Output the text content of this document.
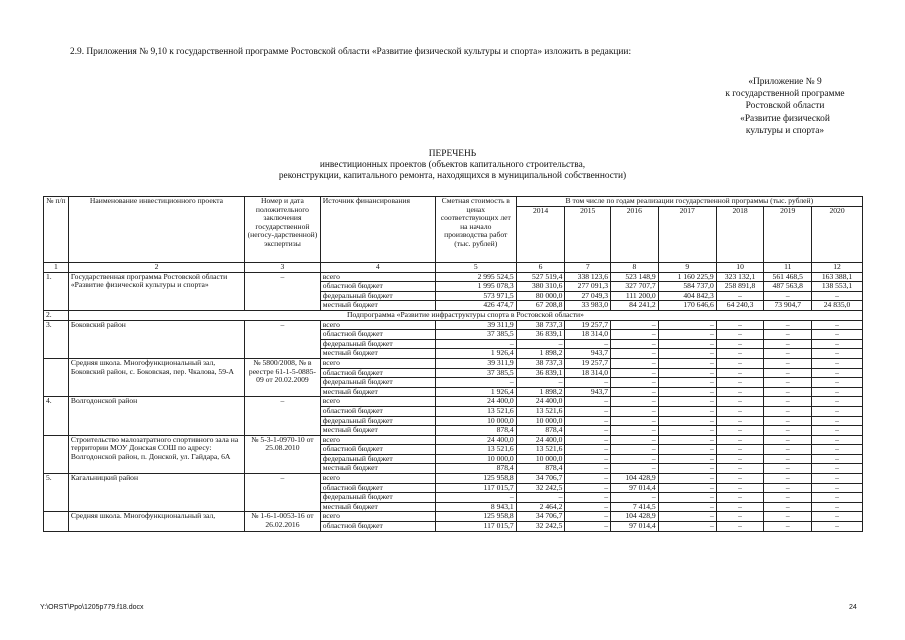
2.9. Приложения № 9,10 к государственной программе Ростовской области «Развитие физической культуры и спорта» изложить в редакции:
«Приложение № 9
к государственной программе
Ростовской области
«Развитие физической
культуры и спорта»
ПЕРЕЧЕНЬ
инвестиционных проектов (объектов капитального строительства,
реконструкции, капитального ремонта, находящихся в муниципальной собственности)
№ п/п	Наименование инвестиционного проекта	Номер и дата положительного заключения государственной (негосу-дарственной) экспертизы	Источник финансирования	Сметная стоимость в ценах соответствующих лет на начало производства работ (тыс. рублей)	В том числе по годам реализации государственной программы (тыс. рублей)						
					2014	2015	2016	2017	2018	2019	2020
1	2	3	4	5	6	7	8	9	10	11	12
1.	Государственная программа Ростовской области «Развитие физической культуры и спорта»	–	всего	2 995 524,5	527 519,4	338 123,6	523 148,9	1 160 225,9	323 132,1	561 468,5	163 388,1
			областной бюджет	1 995 078,3	380 310,6	277 091,3	327 707,7	584 737,0	258 891,8	487 563,8	138 553,1
			федеральный бюджет	573 971,5	80 000,0	27 049,3	111 200,0	404 842,3	–	–	–
			местный бюджет	426 474,7	67 208,8	33 983,0	84 241,2	170 646,6	64 240,3	73 904,7	24 835,0
2.	Подпрограмма «Развитие инфраструктуры спорта в Ростовской области»										
3.	Боковский район	–	всего	39 311,9	38 737,3	19 257,7	–	–	–	–	–
			областной бюджет	37 385,5	36 839,1	18 314,0	–	–	–	–	–
			федеральный бюджет	–	–	–	–	–	–	–	–
			местный бюджет	1 926,4	1 898,2	943,7	–	–	–	–	–
	Средняя школа. Многофункциональный зал, Боковский район, с. Боковская, пер. Чкалова, 59-А	№ 5800/2008, № в реестре 61-1-5-0885-09 от 20.02.2009	всего	39 311,9	38 737,3	19 257,7	–	–	–	–	–
			областной бюджет	37 385,5	36 839,1	18 314,0	–	–	–	–	–
			федеральный бюджет	–	–	–	–	–	–	–	–
			местный бюджет	1 926,4	1 898,2	943,7	–	–	–	–	–
4.	Волгодонской район	–	всего	24 400,0	24 400,0	–	–	–	–	–	–
			областной бюджет	13 521,6	13 521,6	–	–	–	–	–	–
			федеральный бюджет	10 000,0	10 000,0	–	–	–	–	–	–
			местный бюджет	878,4	878,4	–	–	–	–	–	–
	Строительство малозатратного спортивного зала на территории МОУ Донская СОШ по адресу: Волгодонской район, п. Донской, ул. Гайдара, 6А	№ 5-3-1-0970-10 от 25.08.2010	всего	24 400,0	24 400,0	–	–	–	–	–	–
			областной бюджет	13 521,6	13 521,6	–	–	–	–	–	–
			федеральный бюджет	10 000,0	10 000,0	–	–	–	–	–	–
			местный бюджет	878,4	878,4	–	–	–	–	–	–
5.	Кагальницкий район	–	всего	125 958,8	34 706,7	–	104 428,9	–	–	–	–
			областной бюджет	117 015,7	32 242,5	–	97 014,4	–	–	–	–
			федеральный бюджет	–	–	–	–	–	–	–	–
			местный бюджет	8 943,1	2 464,2	–	7 414,5	–	–	–	–
	Средняя школа. Многофункциональный зал,	№ 1-6-1-0053-16 от 26.02.2016	всего	125 958,8	34 706,7	–	104 428,9	–	–	–	–
			областной бюджет	117 015,7	32 242,5	–	97 014,4	–	–	–	–
Y:\ORST\Ppo\1205p779.f18.docx	24
